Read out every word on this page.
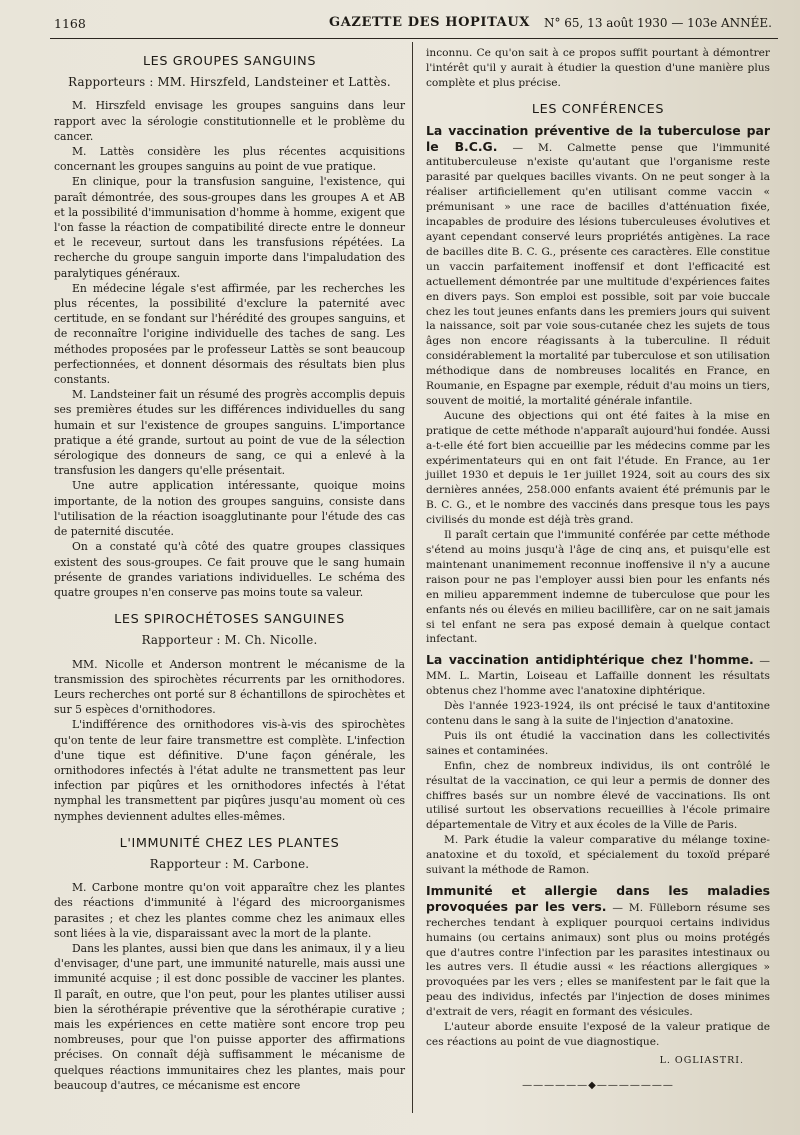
1168	GAZETTE DES HOPITAUX N° 65, 13 août 1930 — 103e ANNÉE.
LES GROUPES SANGUINS
Rapporteurs : MM. Hirszfeld, Landsteiner et Lattès.

M. Hirszfeld envisage les groupes sanguins dans leur rapport avec la sérologie constitutionnelle et le problème du cancer.

M. Lattès considère les plus récentes acquisitions concernant les groupes sanguins au point de vue pratique.

En clinique, pour la transfusion sanguine, l'existence, qui paraît démontrée, des sous-groupes dans les groupes A et AB et la possibilité d'immunisation d'homme à homme, exigent que l'on fasse la réaction de compatibilité directe entre le donneur et le receveur, surtout dans les transfusions répétées. La recherche du groupe sanguin importe dans l'impaludation des paralytiques généraux.

En médecine légale s'est affirmée, par les recherches les plus récentes, la possibilité d'exclure la paternité avec certitude, en se fondant sur l'hérédité des groupes sanguins, et de reconnaître l'origine individuelle des taches de sang. Les méthodes proposées par le professeur Lattès se sont beaucoup perfectionnées, et donnent désormais des résultats bien plus constants.

M. Landsteiner fait un résumé des progrès accomplis depuis ses premières études sur les différences individuelles du sang humain et sur l'existence de groupes sanguins. L'importance pratique a été grande, surtout au point de vue de la sélection sérologique des donneurs de sang, ce qui a enlevé à la transfusion les dangers qu'elle présentait.

Une autre application intéressante, quoique moins importante, de la notion des groupes sanguins, consiste dans l'utilisation de la réaction isoagglutinante pour l'étude des cas de paternité discutée.

On a constaté qu'à côté des quatre groupes classiques existent des sous-groupes. Ce fait prouve que le sang humain présente de grandes variations individuelles. Le schéma des quatre groupes n'en conserve pas moins toute sa valeur.

LES SPIROCHÉTOSES SANGUINES
Rapporteur : M. Ch. Nicolle.

MM. Nicolle et Anderson montrent le mécanisme de la transmission des spirochètes récurrents par les ornithodores. Leurs recherches ont porté sur 8 échantillons de spirochètes et sur 5 espèces d'ornithodores.

L'indifférence des ornithodores vis-à-vis des spirochètes qu'on tente de leur faire transmettre est complète. L'infection d'une tique est définitive. D'une façon générale, les ornithodores infectés à l'état adulte ne transmettent pas leur infection par piqûres et les ornithodores infectés à l'état nymphal les transmettent par piqûres jusqu'au moment où ces nymphes deviennent adultes elles-mêmes.

L'IMMUNITÉ CHEZ LES PLANTES
Rapporteur : M. Carbone.

M. Carbone montre qu'on voit apparaître chez les plantes des réactions d'immunité à l'égard des microorganismes parasites ; et chez les plantes comme chez les animaux elles sont liées à la vie, disparaissant avec la mort de la plante.

Dans les plantes, aussi bien que dans les animaux, il y a lieu d'envisager, d'une part, une immunité naturelle, mais aussi une immunité acquise ; il est donc possible de vacciner les plantes. Il paraît, en outre, que l'on peut, pour les plantes utiliser aussi bien la sérothérapie préventive que la sérothérapie curative ; mais les expériences en cette matière sont encore trop peu nombreuses, pour que l'on puisse apporter des affirmations précises. On connaît déjà suffisamment le mécanisme de quelques réactions immunitaires chez les plantes, mais pour beaucoup d'autres, ce mécanisme est encore

inconnu. Ce qu'on sait à ce propos suffit pourtant à démontrer l'intérêt qu'il y aurait à étudier la question d'une manière plus complète et plus précise.

LES CONFÉRENCES
La vaccination préventive de la tuberculose par le B.C.G. — M. Calmette pense que l'immunité antituberculeuse n'existe qu'autant que l'organisme reste parasité par quelques bacilles vivants. On ne peut songer à la réaliser artificiellement qu'en utilisant comme vaccin « prémunisant » une race de bacilles d'atténuation fixée, incapables de produire des lésions tuberculeuses évolutives et ayant cependant conservé leurs propriétés antigènes. La race de bacilles dite B. C. G., présente ces caractères. Elle constitue un vaccin parfaitement inoffensif et dont l'efficacité est actuellement démontrée par une multitude d'expériences faites en divers pays. Son emploi est possible, soit par voie buccale chez les tout jeunes enfants dans les premiers jours qui suivent la naissance, soit par voie sous-cutanée chez les sujets de tous âges non encore réagissants à la tuberculine. Il réduit considérablement la mortalité par tuberculose et son utilisation méthodique dans de nombreuses localités en France, en Roumanie, en Espagne par exemple, réduit d'au moins un tiers, souvent de moitié, la mortalité générale infantile.

Aucune des objections qui ont été faites à la mise en pratique de cette méthode n'apparaît aujourd'hui fondée. Aussi a-t-elle été fort bien accueillie par les médecins comme par les expérimentateurs qui en ont fait l'étude. En France, au 1er juillet 1930 et depuis le 1er juillet 1924, soit au cours des six dernières années, 258.000 enfants avaient été prémunis par le B. C. G., et le nombre des vaccinés dans presque tous les pays civilisés du monde est déjà très grand.

Il paraît certain que l'immunité conférée par cette méthode s'étend au moins jusqu'à l'âge de cinq ans, et puisqu'elle est maintenant unanimement reconnue inoffensive il n'y a aucune raison pour ne pas l'employer aussi bien pour les enfants nés en milieu apparemment indemne de tuberculose que pour les enfants nés ou élevés en milieu bacillifère, car on ne sait jamais si tel enfant ne sera pas exposé demain à quelque contact infectant.

La vaccination antidiphtérique chez l'homme. — MM. L. Martin, Loiseau et Laffaille donnent les résultats obtenus chez l'homme avec l'anatoxine diphtérique.

Dès l'année 1923-1924, ils ont précisé le taux d'antitoxine contenu dans le sang à la suite de l'injection d'anatoxine.

Puis ils ont étudié la vaccination dans les collectivités saines et contaminées.

Enfin, chez de nombreux individus, ils ont contrôlé le résultat de la vaccination, ce qui leur a permis de donner des chiffres basés sur un nombre élevé de vaccinations. Ils ont utilisé surtout les observations recueillies à l'école primaire départementale de Vitry et aux écoles de la Ville de Paris.

M. Park étudie la valeur comparative du mélange toxine-anatoxine et du toxoïd, et spécialement du toxoïd préparé suivant la méthode de Ramon.

Immunité et allergie dans les maladies provoquées par les vers. — M. Fülleborn résume ses recherches tendant à expliquer pourquoi certains individus humains (ou certains animaux) sont plus ou moins protégés que d'autres contre l'infection par les parasites intestinaux ou les autres vers. Il étudie aussi « les réactions allergiques » provoquées par les vers ; elles se manifestent par le fait que la peau des individus, infectés par l'injection de doses minimes d'extrait de vers, réagit en formant des vésicules.

L'auteur aborde ensuite l'exposé de la valeur pratique de ces réactions au point de vue diagnostique.

L. OGLIASTRI.
——————◆———————
